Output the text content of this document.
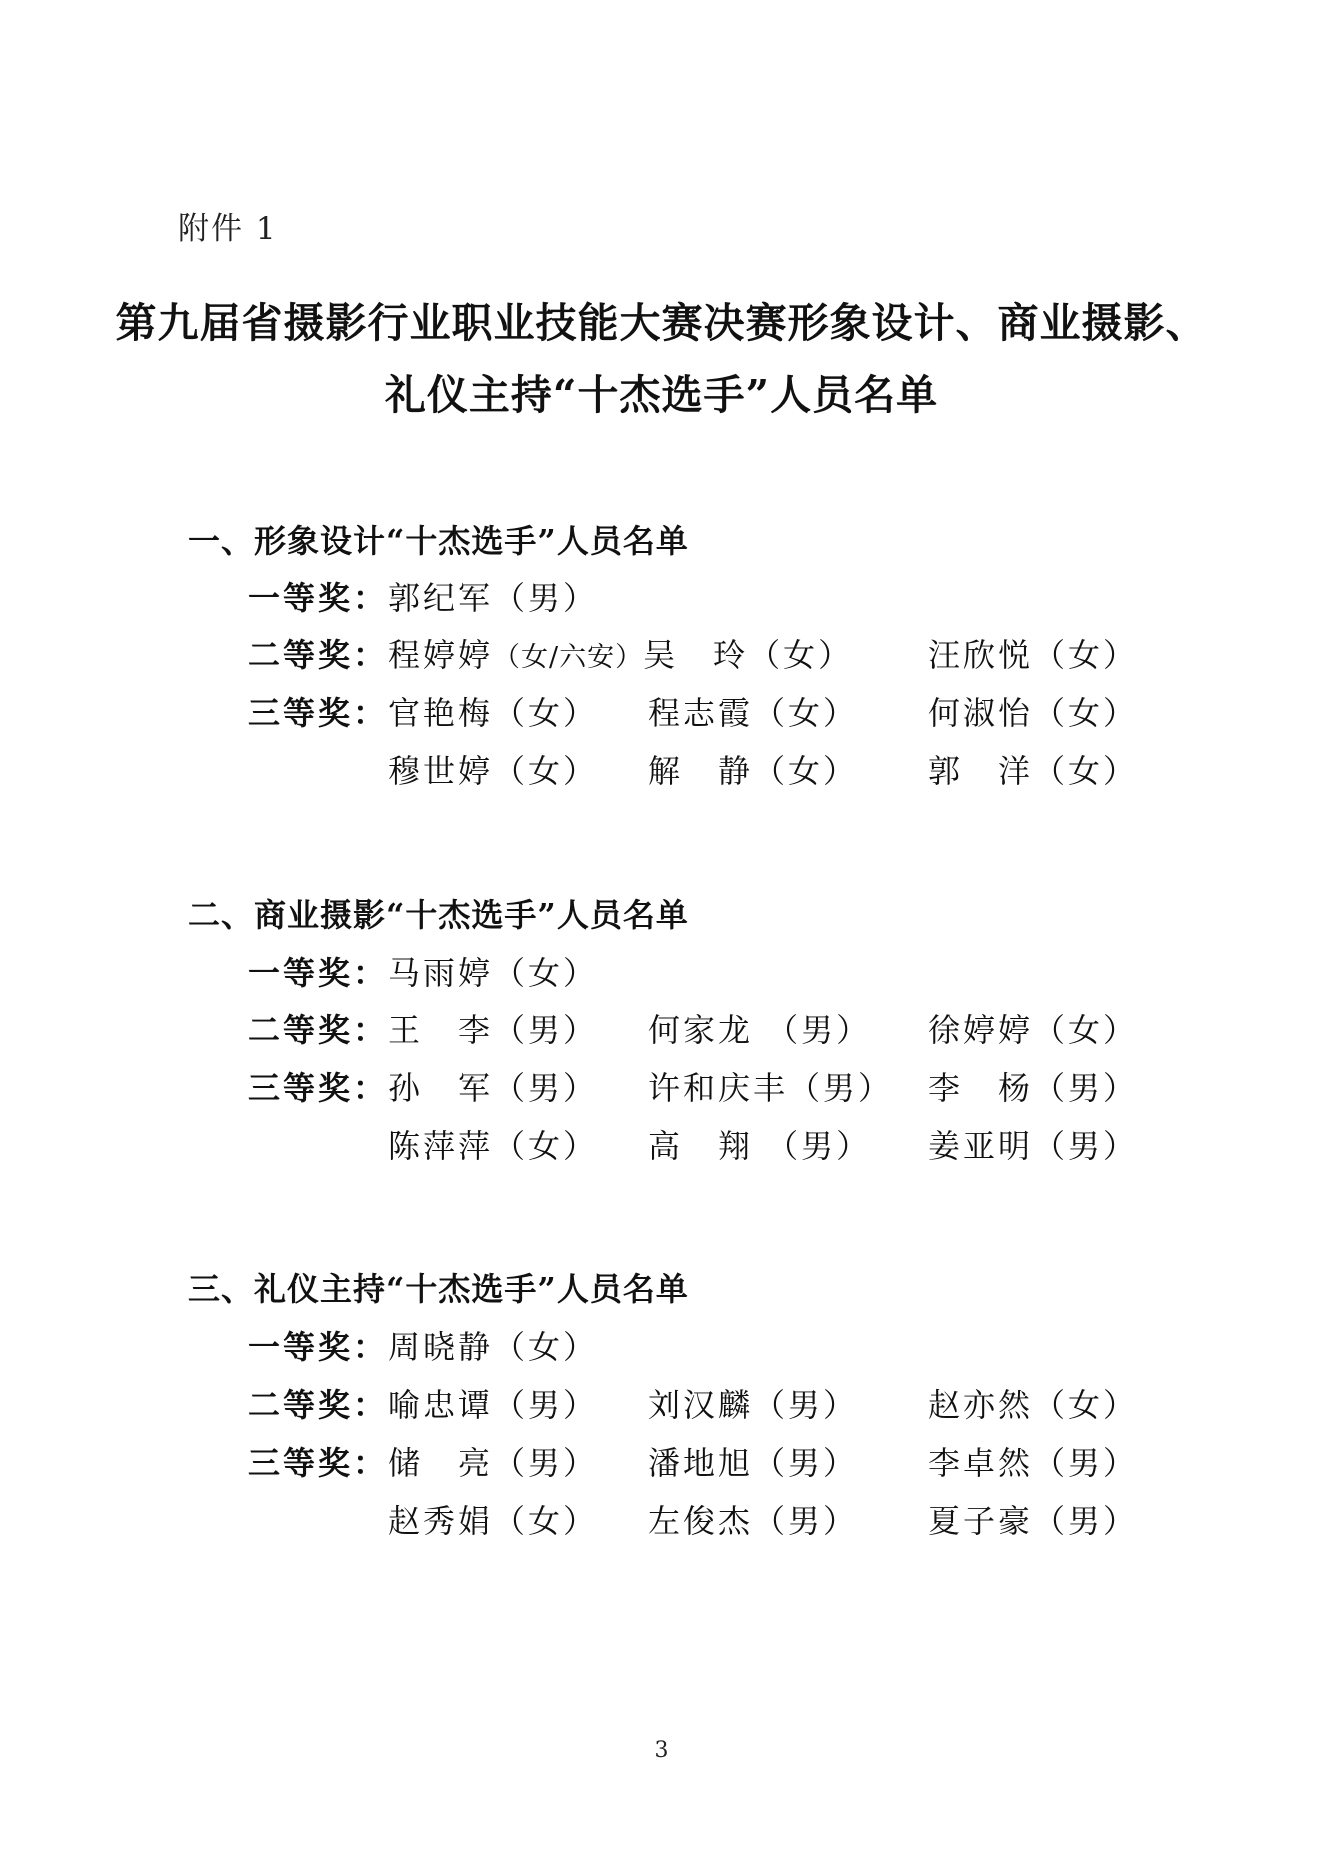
附件 1
第九届省摄影行业职业技能大赛决赛形象设计、商业摄影、
礼仪主持“十杰选手”人员名单
一、形象设计“十杰选手”人员名单
一等奖： 郭纪军（男）
二等奖： 程婷婷（女/六安）吴　玲（女） 汪欣悦（女）
三等奖： 官艳梅（女） 程志霞（女） 何淑怡（女）
穆世婷（女） 解　静（女） 郭　洋（女）
二、商业摄影“十杰选手”人员名单
一等奖： 马雨婷（女）
二等奖： 王　李（男） 何家龙 （男） 徐婷婷（女）
三等奖： 孙　军（男） 许和庆丰（男） 李　杨（男）
陈萍萍（女） 高　翔 （男） 姜亚明（男）
三、礼仪主持“十杰选手”人员名单
一等奖： 周晓静（女）
二等奖： 喻忠谭（男） 刘汉麟（男） 赵亦然（女）
三等奖： 储　亮（男） 潘地旭（男） 李卓然（男）
赵秀娟（女） 左俊杰（男） 夏子豪（男）
3
